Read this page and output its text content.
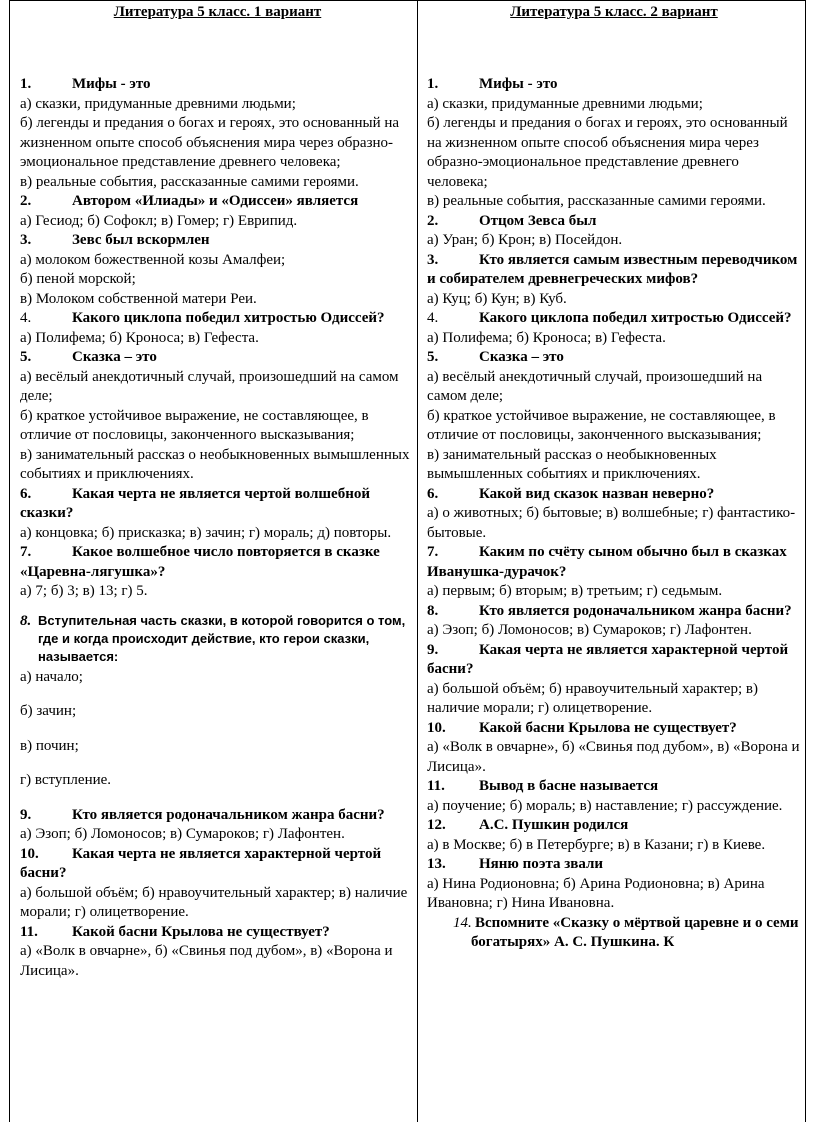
Литература 5 класс. 1 вариант
1.	Мифы - это
а) сказки, придуманные древними людьми;
б) легенды и предания о богах и героях, это основанный на жизненном опыте способ объяснения мира через образно-эмоциональное представление древнего человека;
в) реальные события, рассказанные самими героями.
2.	Автором «Илиады» и «Одиссеи» является
а) Гесиод; б) Софокл; в) Гомер; г) Еврипид.
3.	Зевс был вскормлен
а) молоком божественной козы Амалфеи;
б) пеной морской;
в) Молоком собственной матери Реи.
4.	Какого циклопа победил хитростью Одиссей?
а) Полифема; б) Кроноса; в) Гефеста.
5.	Сказка – это
а) весёлый анекдотичный случай, произошедший на самом деле;
б) краткое устойчивое выражение, не составляющее, в отличие от пословицы, законченного высказывания;
в) занимательный рассказ о необыкновенных вымышленных событиях и приключениях.
6.	Какая черта не является чертой волшебной сказки?
а) концовка; б) присказка; в) зачин; г) мораль; д) повторы.
7.	Какое волшебное число повторяется в сказке «Царевна-лягушка»?
а) 7; б) 3; в) 13; г) 5.
8. Вступительная часть сказки, в которой говорится о том, где и когда происходит действие, кто герои сказки, называется:
а) начало;
б) зачин;
в) почин;
г) вступление.
9.	Кто является родоначальником жанра басни?
а) Эзоп; б) Ломоносов; в) Сумароков; г) Лафонтен.
10. Какая черта не является характерной чертой басни?
а) большой объём; б) нравоучительный характер; в) наличие морали; г) олицетворение.
11. Какой басни Крылова не существует?
а) «Волк в овчарне», б) «Свинья под дубом», в) «Ворона и Лисица».
Литература 5 класс. 2 вариант
1.	Мифы - это
а) сказки, придуманные древними людьми;
б) легенды и предания о богах и героях, это основанный на жизненном опыте способ объяснения мира через образно-эмоциональное представление древнего человека;
в) реальные события, рассказанные самими героями.
2.	Отцом Зевса был
а) Уран; б) Крон; в) Посейдон.
3.	Кто является самым известным переводчиком и собирателем древнегреческих мифов?
а) Куц; б) Кун; в) Куб.
4.	Какого циклопа победил хитростью Одиссей?
а) Полифема; б) Кроноса; в) Гефеста.
5.	Сказка – это
а) весёлый анекдотичный случай, произошедший на самом деле;
б) краткое устойчивое выражение, не составляющее, в отличие от пословицы, законченного высказывания;
в) занимательный рассказ о необыкновенных вымышленных событиях и приключениях.
6.	Какой вид сказок назван неверно?
а) о животных; б) бытовые; в) волшебные; г) фантастико-бытовые.
7.	Каким по счёту сыном обычно был в сказках Иванушка-дурачок?
а) первым; б) вторым; в) третьим; г) седьмым.
8.	Кто является родоначальником жанра басни?
а) Эзоп; б) Ломоносов; в) Сумароков; г) Лафонтен.
9.	Какая черта не является характерной чертой басни?
а) большой объём; б) нравоучительный характер; в) наличие морали; г) олицетворение.
10. Какой басни Крылова не существует?
а) «Волк в овчарне», б) «Свинья под дубом», в) «Ворона и Лисица».
11. Вывод в басне называется
а) поучение; б) мораль; в) наставление; г) рассуждение.
12. А.С. Пушкин родился
а) в Москве; б) в Петербурге; в) в Казани; г) в Киеве.
13. Няню поэта звали
а) Нина Родионовна; б) Арина Родионовна; в) Арина Ивановна; г) Нина Ивановна.
14. Вспомните «Сказку о мёртвой царевне и о семи богатырях» А. С. Пушкина. К
